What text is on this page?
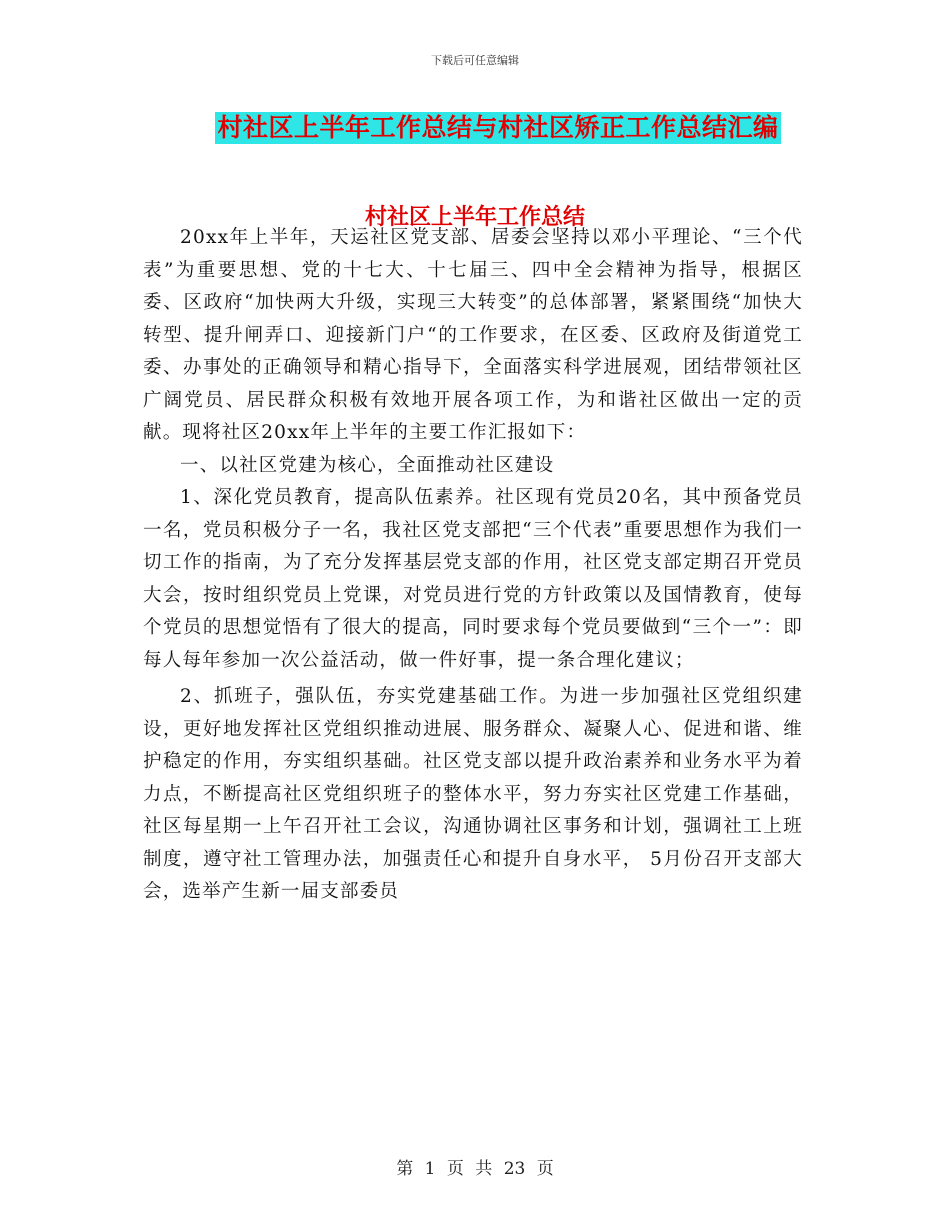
下载后可任意编辑
村社区上半年工作总结与村社区矫正工作总结汇编
村社区上半年工作总结

20xx年上半年，天运社区党支部、居委会坚持以邓小平理论、“三个代表”为重要思想、党的十七大、十七届三、四中全会精神为指导，根据区委、区政府“加快两大升级，实现三大转变”的总体部署，紧紧围绕“加快大转型、提升闸弄口、迎接新门户“的工作要求，在区委、区政府及街道党工委、办事处的正确领导和精心指导下，全面落实科学进展观，团结带领社区广阔党员、居民群众积极有效地开展各项工作，为和谐社区做出一定的贡献。现将社区20xx年上半年的主要工作汇报如下：

一、以社区党建为核心，全面推动社区建设

1、深化党员教育，提高队伍素养。社区现有党员20名，其中预备党员一名，党员积极分子一名，我社区党支部把“三个代表”重要思想作为我们一切工作的指南，为了充分发挥基层党支部的作用，社区党支部定期召开党员大会，按时组织党员上党课，对党员进行党的方针政策以及国情教育，使每个党员的思想觉悟有了很大的提高，同时要求每个党员要做到“三个一”：即每人每年参加一次公益活动，做一件好事，提一条合理化建议；

2、抓班子，强队伍，夯实党建基础工作。为进一步加强社区党组织建设，更好地发挥社区党组织推动进展、服务群众、凝聚人心、促进和谐、维护稳定的作用，夯实组织基础。社区党支部以提升政治素养和业务水平为着力点，不断提高社区党组织班子的整体水平，努力夯实社区党建工作基础，社区每星期一上午召开社工会议，沟通协调社区事务和计划，强调社工上班制度，遵守社工管理办法，加强责任心和提升自身水平， 5月份召开支部大会，选举产生新一届支部委员

第 1 页 共 23 页
